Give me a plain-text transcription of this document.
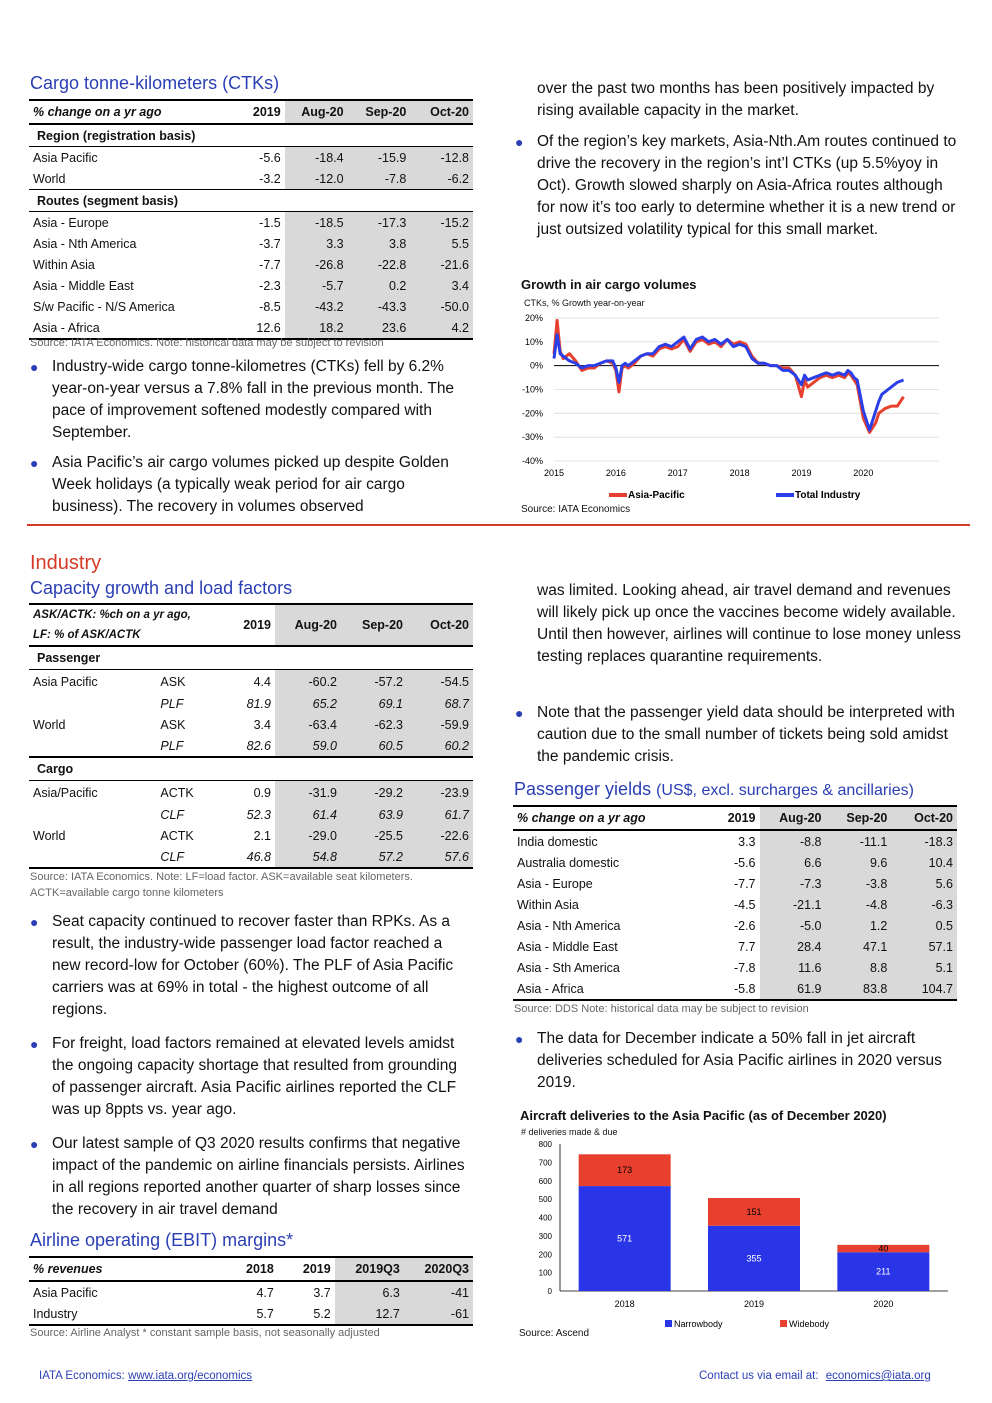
Cargo tonne-kilometers (CTKs)
% change on a yr ago	2019	Aug-20	Sep-20	Oct-20
Region (registration basis)				
Asia Pacific	-5.6	-18.4	-15.9	-12.8
World	-3.2	-12.0	-7.8	-6.2
Routes (segment basis)				
Asia - Europe	-1.5	-18.5	-17.3	-15.2
Asia - Nth America	-3.7	3.3	3.8	5.5
Within Asia	-7.7	-26.8	-22.8	-21.6
Asia - Middle East	-2.3	-5.7	0.2	3.4
S/w Pacific - N/S America	-8.5	-43.2	-43.3	-50.0
Asia - Africa	12.6	18.2	23.6	4.2
Source: IATA Economics. Note: historical data may be subject to revision
● Industry-wide cargo tonne-kilometres (CTKs) fell by 6.2% year-on-year versus a 7.8% fall in the previous month. The pace of improvement softened modestly compared with September.
● Asia Pacific’s air cargo volumes picked up despite Golden Week holidays (a typically weak period for air cargo business). The recovery in volumes observed
over the past two months has been positively impacted by rising available capacity in the market.
● Of the region’s key markets, Asia-Nth.Am routes continued to drive the recovery in the region’s int’l CTKs (up 5.5%yoy in Oct). Growth slowed sharply on Asia-Africa routes although for now it’s too early to determine whether it is a new trend or just outsized volatility typical for this small market.
Growth in air cargo volumes
CTKs, % Growth year-on-year
20%
10%
0%
-10%
-20%
-30%
-40%
2015	2016	2017	2018	2019	2020
Asia-Pacific	Total Industry
Source: IATA Economics
Industry
Capacity growth and load factors
ASK/ACTK: %ch on a yr ago,
LF: % of ASK/ACTK		2019	Aug-20	Sep-20	Oct-20
Passenger					
Asia Pacific	ASK	4.4	-60.2	-57.2	-54.5
	PLF	81.9	65.2	69.1	68.7
World	ASK	3.4	-63.4	-62.3	-59.9
	PLF	82.6	59.0	60.5	60.2
Cargo					
Asia/Pacific	ACTK	0.9	-31.9	-29.2	-23.9
	CLF	52.3	61.4	63.9	61.7
World	ACTK	2.1	-29.0	-25.5	-22.6
	CLF	46.8	54.8	57.2	57.6
Source: IATA Economics. Note: LF=load factor. ASK=available seat kilometers.
ACTK=available cargo tonne kilometers
● Seat capacity continued to recover faster than RPKs. As a result, the industry-wide passenger load factor reached a new record-low for October (60%). The PLF of Asia Pacific carriers was at 69% in total - the highest outcome of all regions.
● For freight, load factors remained at elevated levels amidst the ongoing capacity shortage that resulted from grounding of passenger aircraft. Asia Pacific airlines reported the CLF was up 8ppts vs. year ago.
● Our latest sample of Q3 2020 results confirms that negative impact of the pandemic on airline financials persists. Airlines in all regions reported another quarter of sharp losses since the recovery in air travel demand
Airline operating (EBIT) margins*
% revenues	2018	2019	2019Q3	2020Q3
Asia Pacific	4.7	3.7	6.3	-41
Industry	5.7	5.2	12.7	-61
Source: Airline Analyst * constant sample basis, not seasonally adjusted
was limited. Looking ahead, air travel demand and revenues will likely pick up once the vaccines become widely available. Until then however, airlines will continue to lose money unless testing replaces quarantine requirements.
● Note that the passenger yield data should be interpreted with caution due to the small number of tickets being sold amidst the pandemic crisis.
Passenger yields (US$, excl. surcharges & ancillaries)
% change on a yr ago	2019	Aug-20	Sep-20	Oct-20
India domestic	3.3	-8.8	-11.1	-18.3
Australia domestic	-5.6	6.6	9.6	10.4
Asia - Europe	-7.7	-7.3	-3.8	5.6
Within Asia	-4.5	-21.1	-4.8	-6.3
Asia - Nth America	-2.6	-5.0	1.2	0.5
Asia - Middle East	7.7	28.4	47.1	57.1
Asia - Sth America	-7.8	11.6	8.8	5.1
Asia - Africa	-5.8	61.9	83.8	104.7
Source: DDS Note: historical data may be subject to revision
● The data for December indicate a 50% fall in jet aircraft deliveries scheduled for Asia Pacific airlines in 2020 versus 2019.
Aircraft deliveries to the Asia Pacific (as of December 2020)
# deliveries made & due
800
700
600
500
400
300
200
100
0
571
173
2018
355
151
2019
211
40
2020
Narrowbody	Widebody
Source: Ascend
IATA Economics: www.iata.org/economics	Contact us via email at: economics@iata.org
